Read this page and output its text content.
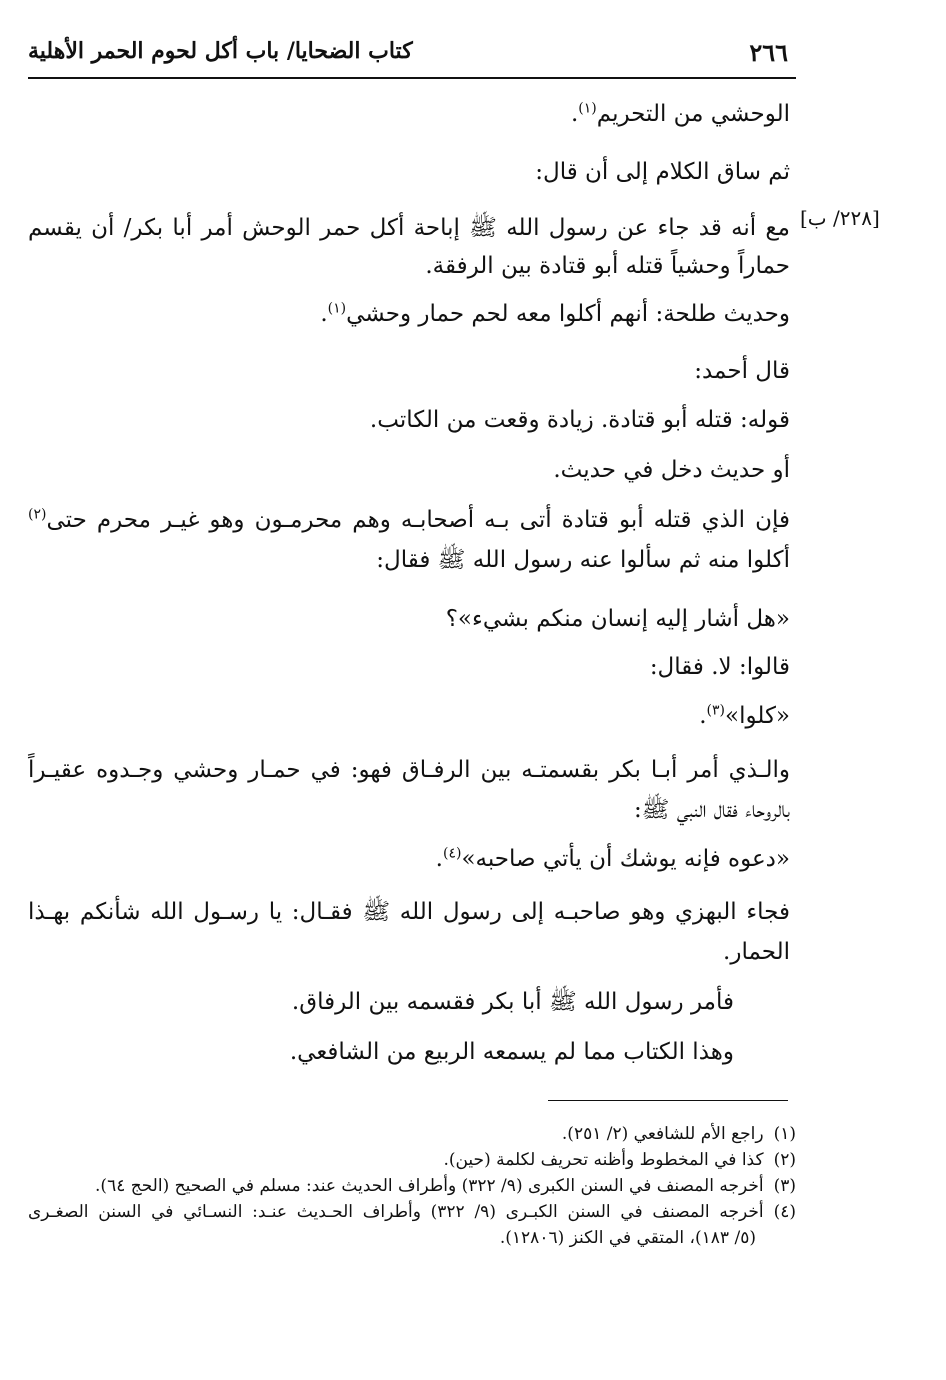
٢٦٦
كتاب الضحايا/ باب أكل لحوم الحمر الأهلية
[٢٢٨/ ب]
الوحشي من التحريم$^{(١)}$.
ثم ساق الكلام إلى أن قال:
مع أنه قد جاء عن رسول الله ﷺ إباحة أكل حمر الوحش أمر أبا بكر/ أن يقسم
حماراً وحشياً قتله أبو قتادة بين الرفقة.
وحديث طلحة: أنهم أكلوا معه لحم حمار وحشي$^{(١)}$.
قال أحمد:
قوله: قتله أبو قتادة. زيادة وقعت من الكاتب.
أو حديث دخل في حديث.
فإن الذي قتله أبو قتادة أتى بـه أصحابـه وهم محرمـون وهو غيـر محرم حتى$^{(٢)}$
أكلوا منه ثم سألوا عنه رسول الله ﷺ فقال:
«هل أشار إليه إنسان منكم بشيء»؟
قالوا: لا. فقال:
«كلوا»$^{(٣)}$.
والـذي أمر أبـا بكر بقسمتـه بين الرفـاق فهو: في حمـار وحشي وجـدوه عقيـراً
بالروحاء فقال النبي ﷺ:
«دعوه فإنه يوشك أن يأتي صاحبه»$^{(٤)}$.
فجاء البهزي وهو صاحبـه إلى رسول الله ﷺ فقـال: يا رسـول الله شأنكم بهـذا
الحمار.
فأمر رسول الله ﷺ أبا بكر فقسمه بين الرفاق.
وهذا الكتاب مما لم يسمعه الربيع من الشافعي.
(١)راجع الأم للشافعي (٢/ ٢٥١).
(٢)كذا في المخطوط وأظنه تحريف لكلمة (حين).
(٣)أخرجه المصنف في السنن الكبرى (٩/ ٣٢٢) وأطراف الحديث عند: مسلم في الصحيح (الحج ٦٤).
(٤)أخرجه المصنف في السنن الكبـرى (٩/ ٣٢٢) وأطراف الحـديث عنـد: النسـائي في السنن الصغـرى
(٥/ ١٨٣)، المتقي في الكنز (١٢٨٠٦).
